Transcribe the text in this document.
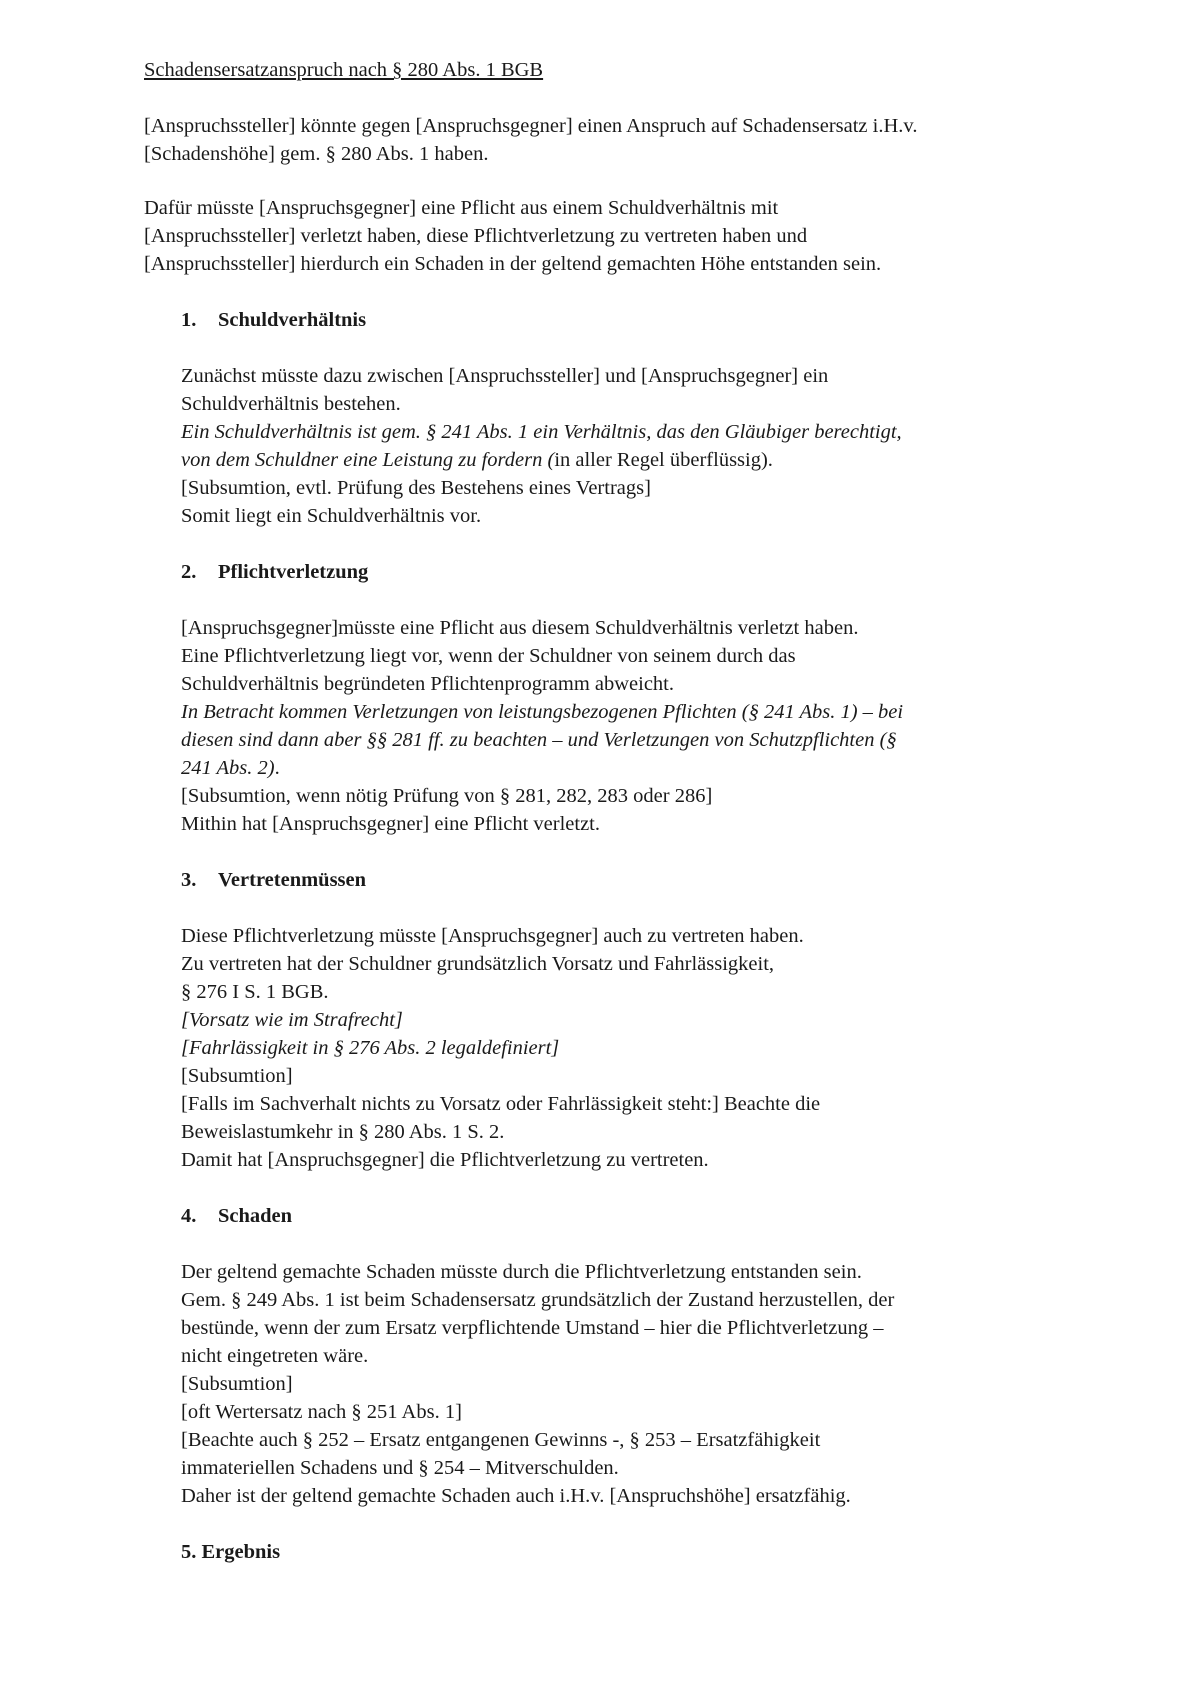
Schadensersatzanspruch nach § 280 Abs. 1 BGB
[Anspruchssteller] könnte gegen [Anspruchsgegner] einen Anspruch auf Schadensersatz i.H.v.
[Schadenshöhe] gem. § 280 Abs. 1 haben.
Dafür müsste [Anspruchsgegner] eine Pflicht aus einem Schuldverhältnis mit
[Anspruchssteller] verletzt haben, diese Pflichtverletzung zu vertreten haben und
[Anspruchssteller] hierdurch ein Schaden in der geltend gemachten Höhe entstanden sein.
1. Schuldverhältnis
Zunächst müsste dazu zwischen [Anspruchssteller] und [Anspruchsgegner] ein
Schuldverhältnis bestehen.
Ein Schuldverhältnis ist gem. § 241 Abs. 1 ein Verhältnis, das den Gläubiger berechtigt,
von dem Schuldner eine Leistung zu fordern (in aller Regel überflüssig).
[Subsumtion, evtl. Prüfung des Bestehens eines Vertrags]
Somit liegt ein Schuldverhältnis vor.
2. Pflichtverletzung
[Anspruchsgegner]müsste eine Pflicht aus diesem Schuldverhältnis verletzt haben.
Eine Pflichtverletzung liegt vor, wenn der Schuldner von seinem durch das
Schuldverhältnis begründeten Pflichtenprogramm abweicht.
In Betracht kommen Verletzungen von leistungsbezogenen Pflichten (§ 241 Abs. 1) – bei
diesen sind dann aber §§ 281 ff. zu beachten – und Verletzungen von Schutzpflichten (§
241 Abs. 2).
[Subsumtion, wenn nötig Prüfung von § 281, 282, 283 oder 286]
Mithin hat [Anspruchsgegner] eine Pflicht verletzt.
3. Vertretenmüssen
Diese Pflichtverletzung müsste [Anspruchsgegner] auch zu vertreten haben.
Zu vertreten hat der Schuldner grundsätzlich Vorsatz und Fahrlässigkeit,
§ 276 I S. 1 BGB.
[Vorsatz wie im Strafrecht]
[Fahrlässigkeit in § 276 Abs. 2 legaldefiniert]
[Subsumtion]
[Falls im Sachverhalt nichts zu Vorsatz oder Fahrlässigkeit steht:] Beachte die
Beweislastumkehr in § 280 Abs. 1 S. 2.
Damit hat [Anspruchsgegner] die Pflichtverletzung zu vertreten.
4. Schaden
Der geltend gemachte Schaden müsste durch die Pflichtverletzung entstanden sein.
Gem. § 249 Abs. 1 ist beim Schadensersatz grundsätzlich der Zustand herzustellen, der
bestünde, wenn der zum Ersatz verpflichtende Umstand – hier die Pflichtverletzung –
nicht eingetreten wäre.
[Subsumtion]
[oft Wertersatz nach § 251 Abs. 1]
[Beachte auch § 252 – Ersatz entgangenen Gewinns -, § 253 – Ersatzfähigkeit
immateriellen Schadens und § 254 – Mitverschulden.
Daher ist der geltend gemachte Schaden auch i.H.v. [Anspruchshöhe] ersatzfähig.
5. Ergebnis
